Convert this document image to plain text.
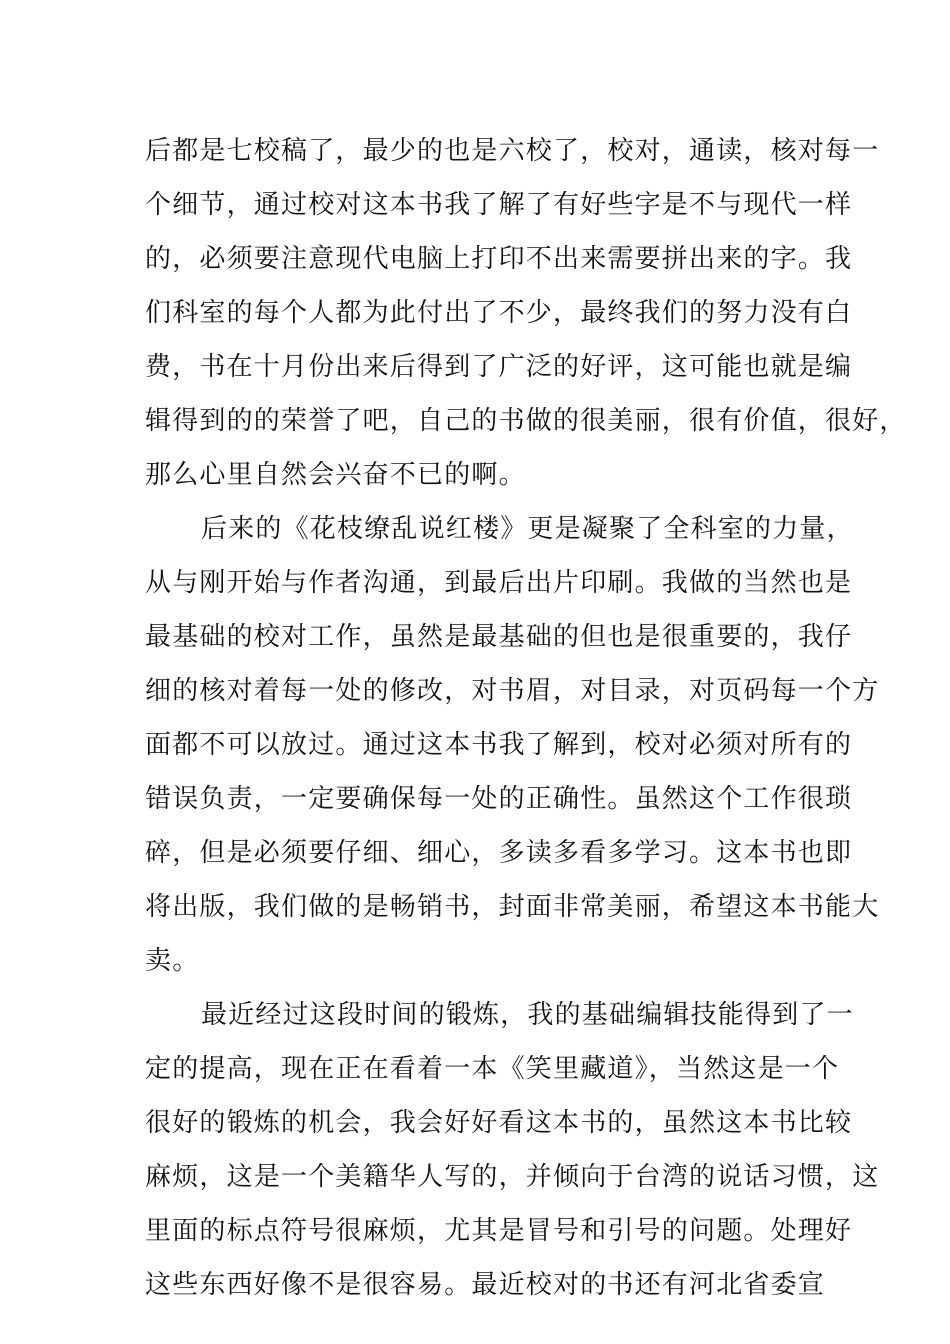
后都是七校稿了，最少的也是六校了，校对，通读，核对每一
个细节，通过校对这本书我了解了有好些字是不与现代一样
的，必须要注意现代电脑上打印不出来需要拼出来的字。我
们科室的每个人都为此付出了不少，最终我们的努力没有白
费，书在十月份出来后得到了广泛的好评，这可能也就是编
辑得到的的荣誉了吧，自己的书做的很美丽，很有价值，很好，
那么心里自然会兴奋不已的啊。
后来的《花枝缭乱说红楼》更是凝聚了全科室的力量，
从与刚开始与作者沟通，到最后出片印刷。我做的当然也是
最基础的校对工作，虽然是最基础的但也是很重要的，我仔
细的核对着每一处的修改，对书眉，对目录，对页码每一个方
面都不可以放过。通过这本书我了解到，校对必须对所有的
错误负责，一定要确保每一处的正确性。虽然这个工作很琐
碎，但是必须要仔细、细心，多读多看多学习。这本书也即
将出版，我们做的是畅销书，封面非常美丽，希望这本书能大
卖。
最近经过这段时间的锻炼，我的基础编辑技能得到了一
定的提高，现在正在看着一本《笑里藏道》，当然这是一个
很好的锻炼的机会，我会好好看这本书的，虽然这本书比较
麻烦，这是一个美籍华人写的，并倾向于台湾的说话习惯，这
里面的标点符号很麻烦，尤其是冒号和引号的问题。处理好
这些东西好像不是很容易。最近校对的书还有河北省委宣
